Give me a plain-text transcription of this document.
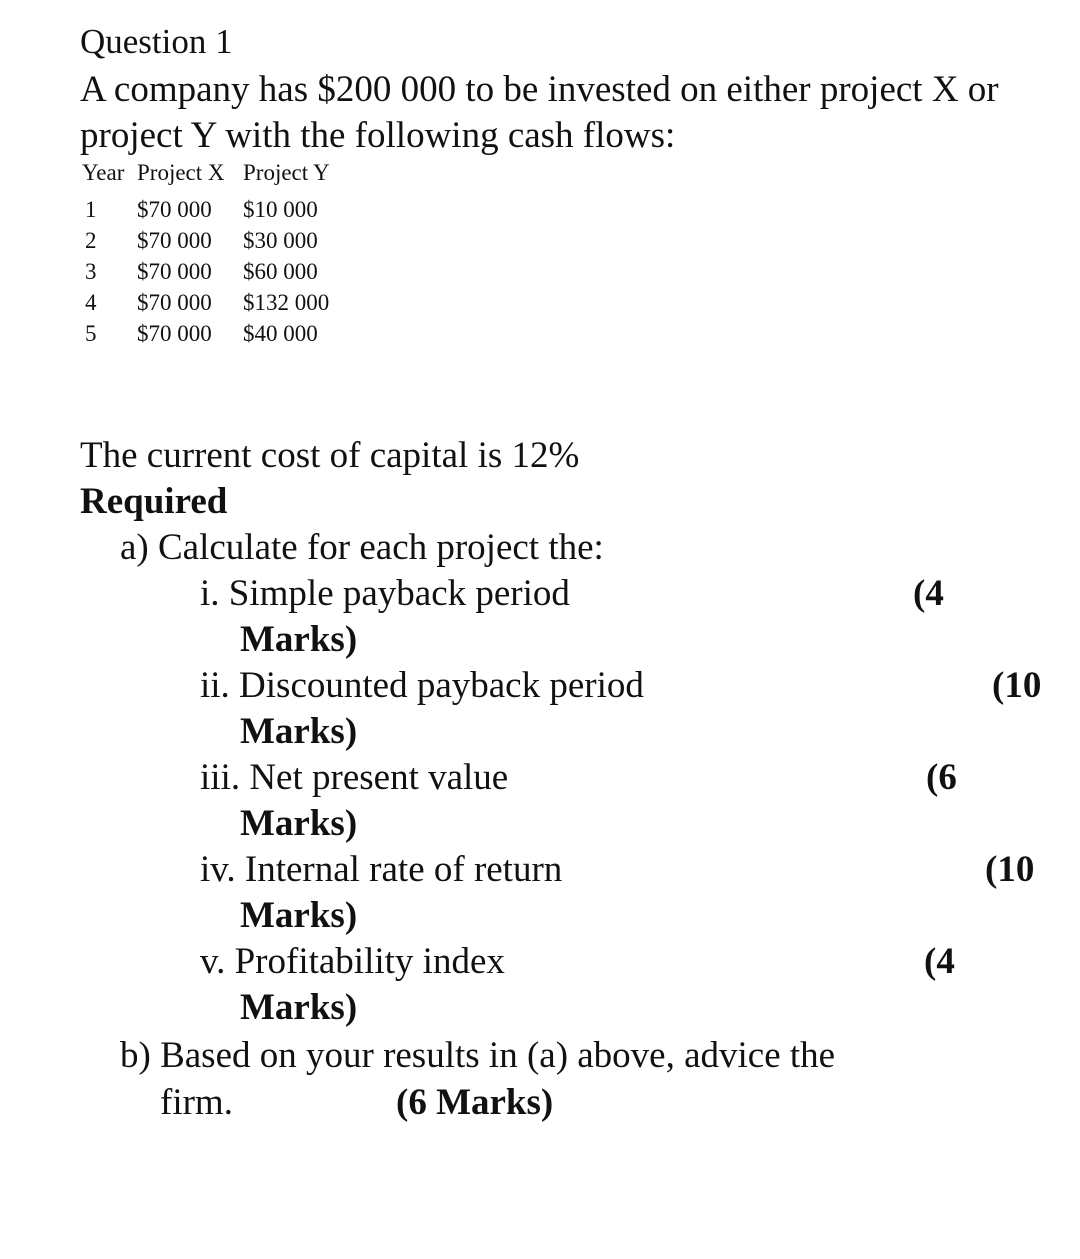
Question 1
A company has $200 000 to be invested on either project X or
project Y with the following cash flows:
Year	Project X	Project Y
1	$70 000	$10 000
2	$70 000	$30 000
3	$70 000	$60 000
4	$70 000	$132 000
5	$70 000	$40 000
The current cost of capital is 12%
Required
a) Calculate for each project the:
i. Simple payback period	(4
Marks)
ii. Discounted payback period	(10
Marks)
iii. Net present value	(6
Marks)
iv. Internal rate of return	(10
Marks)
v. Profitability index	(4
Marks)
b) Based on your results in (a) above, advice the
firm.	(6 Marks)
